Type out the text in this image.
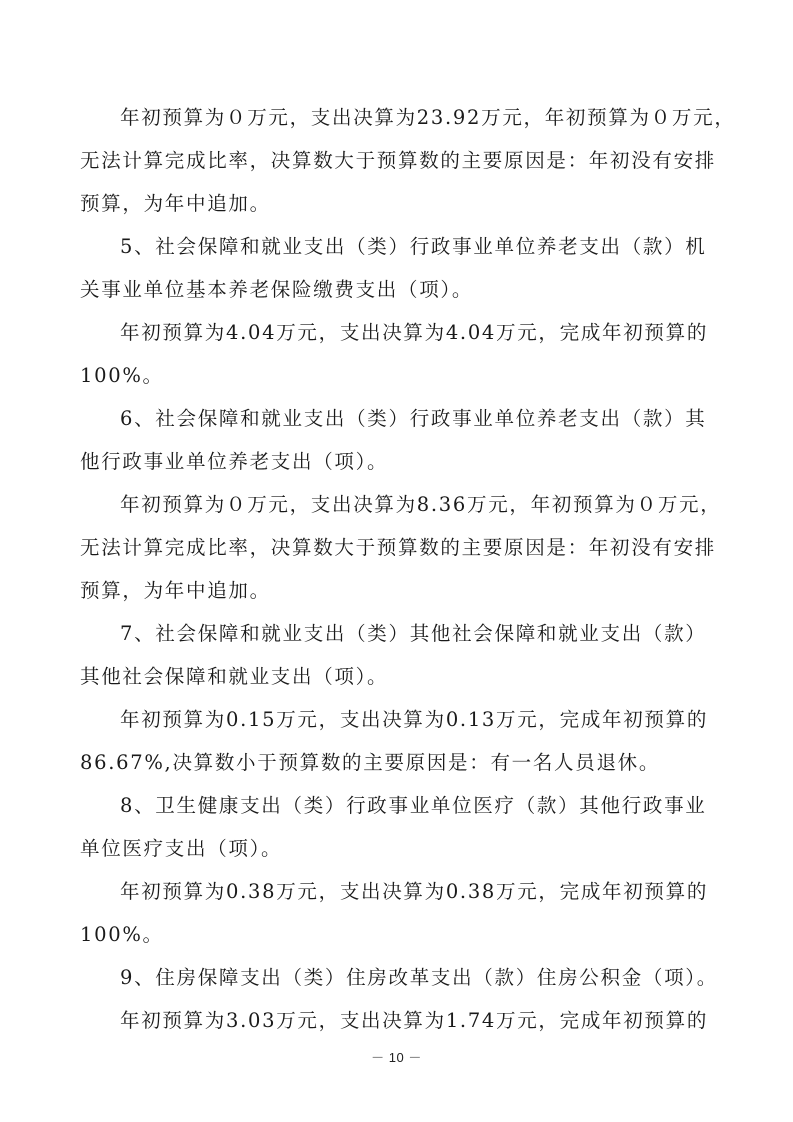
年初预算为０万元，支出决算为23.92万元，年初预算为０万元，
无法计算完成比率，决算数大于预算数的主要原因是：年初没有安排
预算，为年中追加。
5、社会保障和就业支出（类）行政事业单位养老支出（款）机
关事业单位基本养老保险缴费支出（项）。
年初预算为4.04万元，支出决算为4.04万元，完成年初预算的
100%。
6、社会保障和就业支出（类）行政事业单位养老支出（款）其
他行政事业单位养老支出（项）。
年初预算为０万元，支出决算为8.36万元，年初预算为０万元，
无法计算完成比率，决算数大于预算数的主要原因是：年初没有安排
预算，为年中追加。
7、社会保障和就业支出（类）其他社会保障和就业支出（款）
其他社会保障和就业支出（项）。
年初预算为0.15万元，支出决算为0.13万元，完成年初预算的
86.67%,决算数小于预算数的主要原因是：有一名人员退休。
8、卫生健康支出（类）行政事业单位医疗（款）其他行政事业
单位医疗支出（项）。
年初预算为0.38万元，支出决算为0.38万元，完成年初预算的
100%。
9、住房保障支出（类）住房改革支出（款）住房公积金（项）。
年初预算为3.03万元，支出决算为1.74万元，完成年初预算的
－ 10 －
